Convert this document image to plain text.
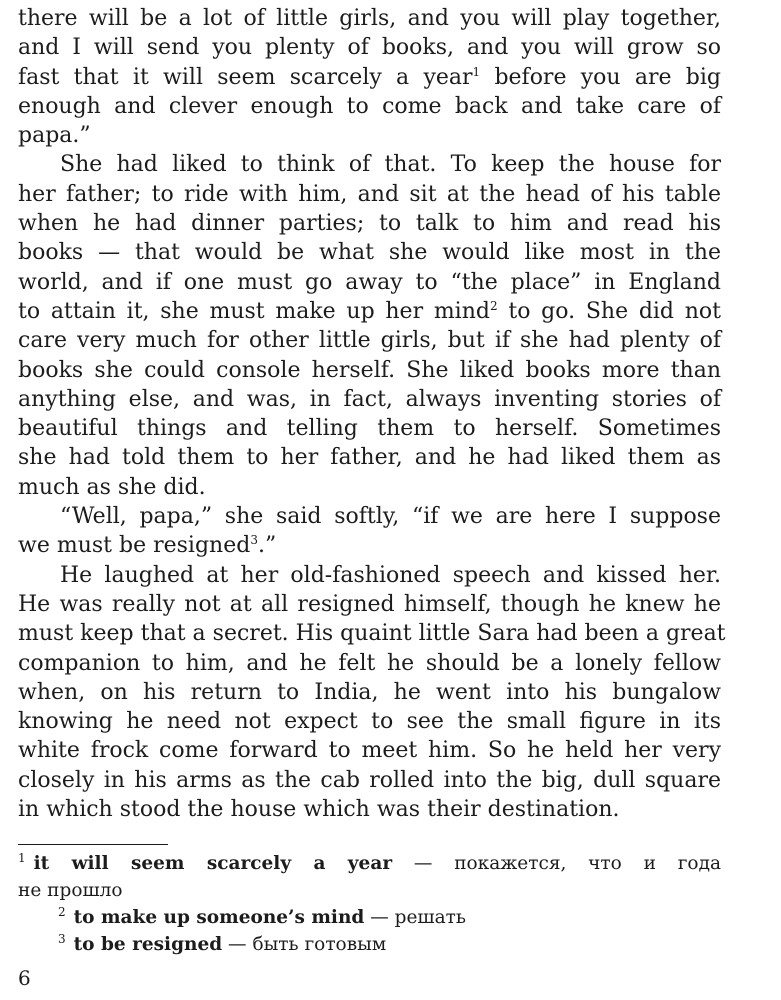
there will be a lot of little girls, and you will play together,
and I will send you plenty of books, and you will grow so
fast that it will seem scarcely a year$^1$ before you are big
enough and clever enough to come back and take care of
papa.”
She had liked to think of that. To keep the house for
her father; to ride with him, and sit at the head of his table
when he had dinner parties; to talk to him and read his
books — that would be what she would like most in the
world, and if one must go away to “the place” in England
to attain it, she must make up her mind$^2$ to go. She did not
care very much for other little girls, but if she had plenty of
books she could console herself. She liked books more than
anything else, and was, in fact, always inventing stories of
beautiful things and telling them to herself. Sometimes
she had told them to her father, and he had liked them as
much as she did.
“Well, papa,” she said softly, “if we are here I suppose
we must be resigned$^3$.”
He laughed at her old-fashioned speech and kissed her.
He was really not at all resigned himself, though he knew he
must keep that a secret. His quaint little Sara had been a great
companion to him, and he felt he should be a lonely fellow
when, on his return to India, he went into his bungalow
knowing he need not expect to see the small figure in its
white frock come forward to meet him. So he held her very
closely in his arms as the cab rolled into the big, dull square
in which stood the house which was their destination.
$^1$ it will seem scarcely a year — покажется, что и года
не прошло
$^2$ to make up someone’s mind — решать
$^3$ to be resigned — быть готовым
6
